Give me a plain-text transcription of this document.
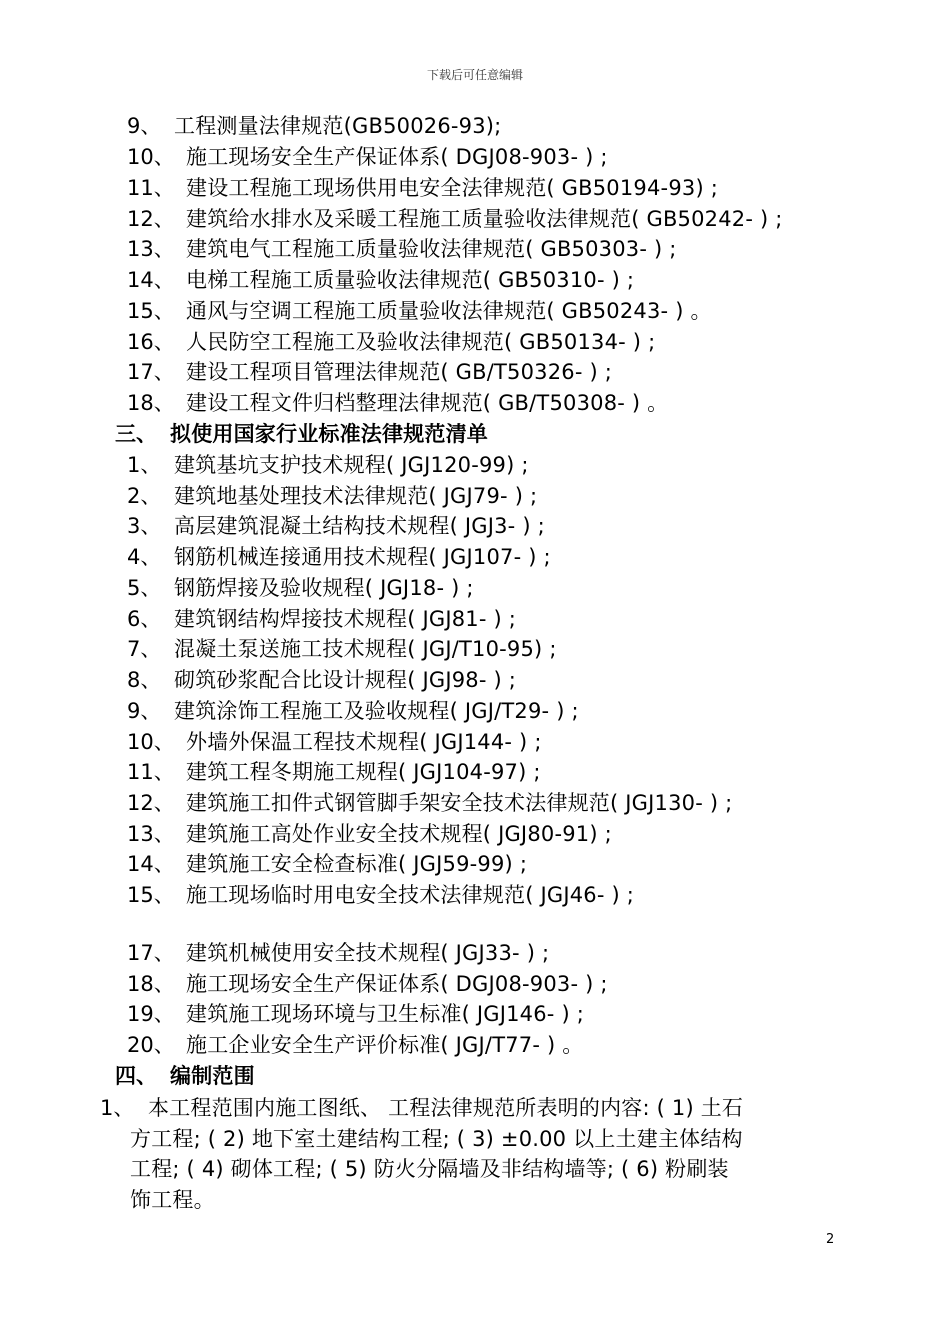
下载后可任意编辑
9、 工程测量法律规范(GB50026-93);
10、 施工现场安全生产保证体系( DGJ08-903- ) ;
11、 建设工程施工现场供用电安全法律规范( GB50194-93) ;
12、 建筑给水排水及采暖工程施工质量验收法律规范( GB50242- ) ;
13、 建筑电气工程施工质量验收法律规范( GB50303- ) ;
14、 电梯工程施工质量验收法律规范( GB50310- ) ;
15、 通风与空调工程施工质量验收法律规范( GB50243- ) 。
16、 人民防空工程施工及验收法律规范( GB50134- ) ;
17、 建设工程项目管理法律规范( GB/T50326- ) ;
18、 建设工程文件归档整理法律规范( GB/T50308- ) 。
三、 拟使用国家行业标准法律规范清单
1、 建筑基坑支护技术规程( JGJ120-99) ;
2、 建筑地基处理技术法律规范( JGJ79- ) ;
3、 高层建筑混凝土结构技术规程( JGJ3- ) ;
4、 钢筋机械连接通用技术规程( JGJ107- ) ;
5、 钢筋焊接及验收规程( JGJ18- ) ;
6、 建筑钢结构焊接技术规程( JGJ81- ) ;
7、 混凝土泵送施工技术规程( JGJ/T10-95) ;
8、 砌筑砂浆配合比设计规程( JGJ98- ) ;
9、 建筑涂饰工程施工及验收规程( JGJ/T29- ) ;
10、 外墙外保温工程技术规程( JGJ144- ) ;
11、 建筑工程冬期施工规程( JGJ104-97) ;
12、 建筑施工扣件式钢管脚手架安全技术法律规范( JGJ130- ) ;
13、 建筑施工高处作业安全技术规程( JGJ80-91) ;
14、 建筑施工安全检查标准( JGJ59-99) ;
15、 施工现场临时用电安全技术法律规范( JGJ46- ) ;
17、 建筑机械使用安全技术规程( JGJ33- ) ;
18、 施工现场安全生产保证体系( DGJ08-903- ) ;
19、 建筑施工现场环境与卫生标准( JGJ146- ) ;
20、 施工企业安全生产评价标准( JGJ/T77- ) 。
四、 编制范围
1、 本工程范围内施工图纸、 工程法律规范所表明的内容: ( 1) 土石
方工程; ( 2) 地下室土建结构工程; ( 3) ±0.00 以上土建主体结构
工程; ( 4) 砌体工程; ( 5) 防火分隔墙及非结构墙等; ( 6) 粉刷装
饰工程。
2
